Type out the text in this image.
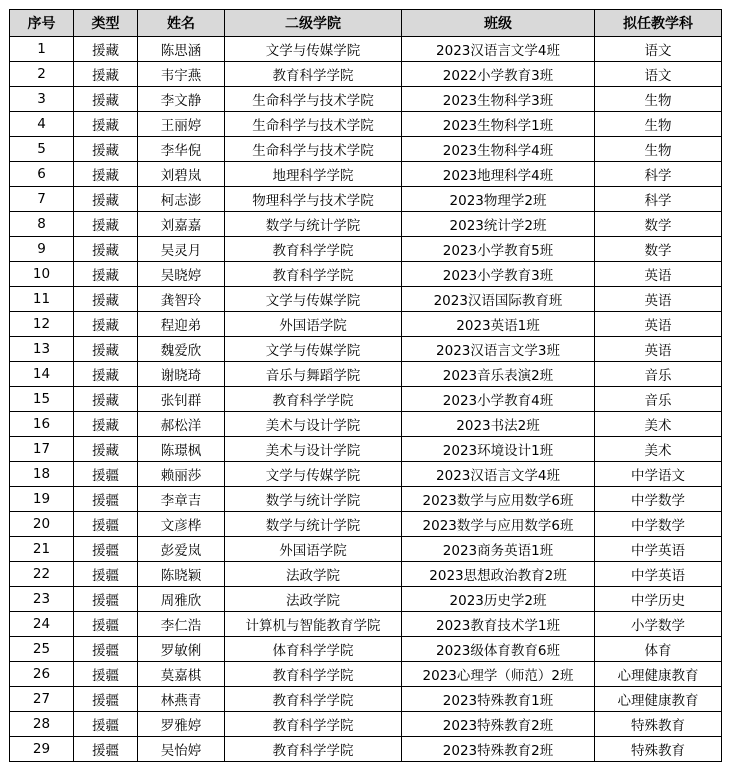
序号	类型	姓名	二级学院	班级	拟任教学科
1	援藏	陈思涵	文学与传媒学院	2023汉语言文学4班	语文
2	援藏	韦宇燕	教育科学学院	2022小学教育3班	语文
3	援藏	李文静	生命科学与技术学院	2023生物科学3班	生物
4	援藏	王丽婷	生命科学与技术学院	2023生物科学1班	生物
5	援藏	李华倪	生命科学与技术学院	2023生物科学4班	生物
6	援藏	刘碧岚	地理科学学院	2023地理科学4班	科学
7	援藏	柯志澎	物理科学与技术学院	2023物理学2班	科学
8	援藏	刘嘉嘉	数学与统计学院	2023统计学2班	数学
9	援藏	吴灵月	教育科学学院	2023小学教育5班	数学
10	援藏	吴晓婷	教育科学学院	2023小学教育3班	英语
11	援藏	龚智玲	文学与传媒学院	2023汉语国际教育班	英语
12	援藏	程迎弟	外国语学院	2023英语1班	英语
13	援藏	魏爱欣	文学与传媒学院	2023汉语言文学3班	英语
14	援藏	谢晓琦	音乐与舞蹈学院	2023音乐表演2班	音乐
15	援藏	张钊群	教育科学学院	2023小学教育4班	音乐
16	援藏	郝松洋	美术与设计学院	2023书法2班	美术
17	援藏	陈璟枫	美术与设计学院	2023环境设计1班	美术
18	援疆	赖丽莎	文学与传媒学院	2023汉语言文学4班	中学语文
19	援疆	李章吉	数学与统计学院	2023数学与应用数学6班	中学数学
20	援疆	文彦桦	数学与统计学院	2023数学与应用数学6班	中学数学
21	援疆	彭爱岚	外国语学院	2023商务英语1班	中学英语
22	援疆	陈晓颖	法政学院	2023思想政治教育2班	中学英语
23	援疆	周雅欣	法政学院	2023历史学2班	中学历史
24	援疆	李仁浩	计算机与智能教育学院	2023教育技术学1班	小学数学
25	援疆	罗敏俐	体育科学学院	2023级体育教育6班	体育
26	援疆	莫嘉棋	教育科学学院	2023心理学（师范）2班	心理健康教育
27	援疆	林燕青	教育科学学院	2023特殊教育1班	心理健康教育
28	援疆	罗雅婷	教育科学学院	2023特殊教育2班	特殊教育
29	援疆	吴怡婷	教育科学学院	2023特殊教育2班	特殊教育
